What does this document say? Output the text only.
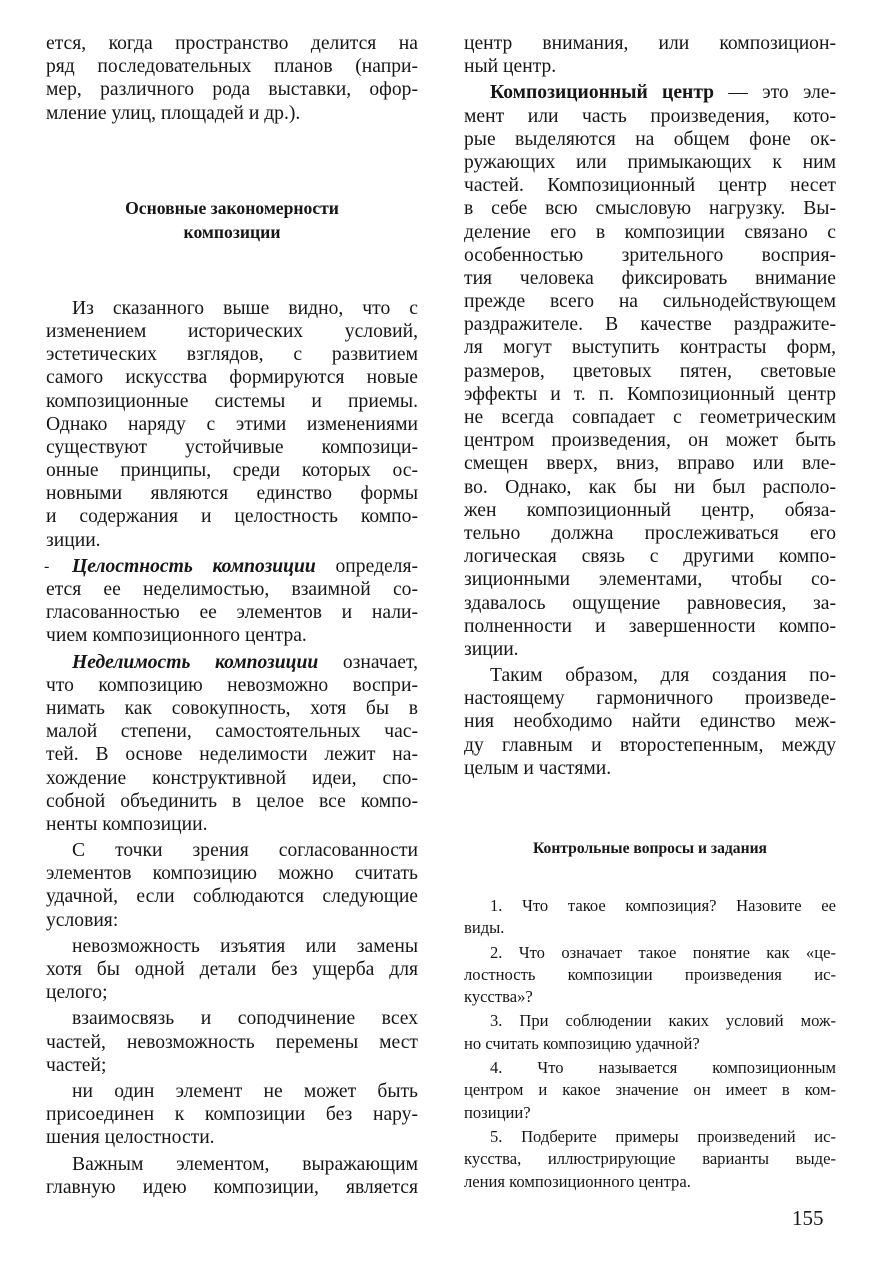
ется, когда пространство делится на
ряд последовательных планов (напри-
мер, различного рода выставки, офор-
мление улиц, площадей и др.).
Основные закономерности
композиции
Из сказанного выше видно, что с
изменением исторических условий,
эстетических взглядов, с развитием
самого искусства формируются новые
композиционные системы и приемы.
Однако наряду с этими изменениями
существуют устойчивые композици-
онные принципы, среди которых ос-
новными являются единство формы
и содержания и целостность компо-
зиции.
- Целостность композиции определя-
ется ее неделимостью, взаимной со-
гласованностью ее элементов и нали-
чием композиционного центра.
Неделимость композиции означает,
что композицию невозможно воспри-
нимать как совокупность, хотя бы в
малой степени, самостоятельных час-
тей. В основе неделимости лежит на-
хождение конструктивной идеи, спо-
собной объединить в целое все компо-
ненты композиции.
С точки зрения согласованности
элементов композицию можно считать
удачной, если соблюдаются следующие
условия:
невозможность изъятия или замены
хотя бы одной детали без ущерба для
целого;
взаимосвязь и соподчинение всех
частей, невозможность перемены мест
частей;
ни один элемент не может быть
присоединен к композиции без нару-
шения целостности.
Важным элементом, выражающим
главную идею композиции, является
центр внимания, или композицион-
ный центр.
Композиционный центр — это эле-
мент или часть произведения, кото-
рые выделяются на общем фоне ок-
ружающих или примыкающих к ним
частей. Композиционный центр несет
в себе всю смысловую нагрузку. Вы-
деление его в композиции связано с
особенностью зрительного восприя-
тия человека фиксировать внимание
прежде всего на сильнодействующем
раздражителе. В качестве раздражите-
ля могут выступить контрасты форм,
размеров, цветовых пятен, световые
эффекты и т. п. Композиционный центр
не всегда совпадает с геометрическим
центром произведения, он может быть
смещен вверх, вниз, вправо или вле-
во. Однако, как бы ни был располо-
жен композиционный центр, обяза-
тельно должна прослеживаться его
логическая связь с другими компо-
зиционными элементами, чтобы со-
здавалось ощущение равновесия, за-
полненности и завершенности компо-
зиции.
Таким образом, для создания по-
настоящему гармоничного произведе-
ния необходимо найти единство меж-
ду главным и второстепенным, между
целым и частями.
Контрольные вопросы и задания
1. Что такое композиция? Назовите ее
виды.
2. Что означает такое понятие как «це-
лостность композиции произведения ис-
кусства»?
3. При соблюдении каких условий мож-
но считать композицию удачной?
4. Что называется композиционным
центром и какое значение он имеет в ком-
позиции?
5. Подберите примеры произведений ис-
кусства, иллюстрирующие варианты выде-
ления композиционного центра.
155
